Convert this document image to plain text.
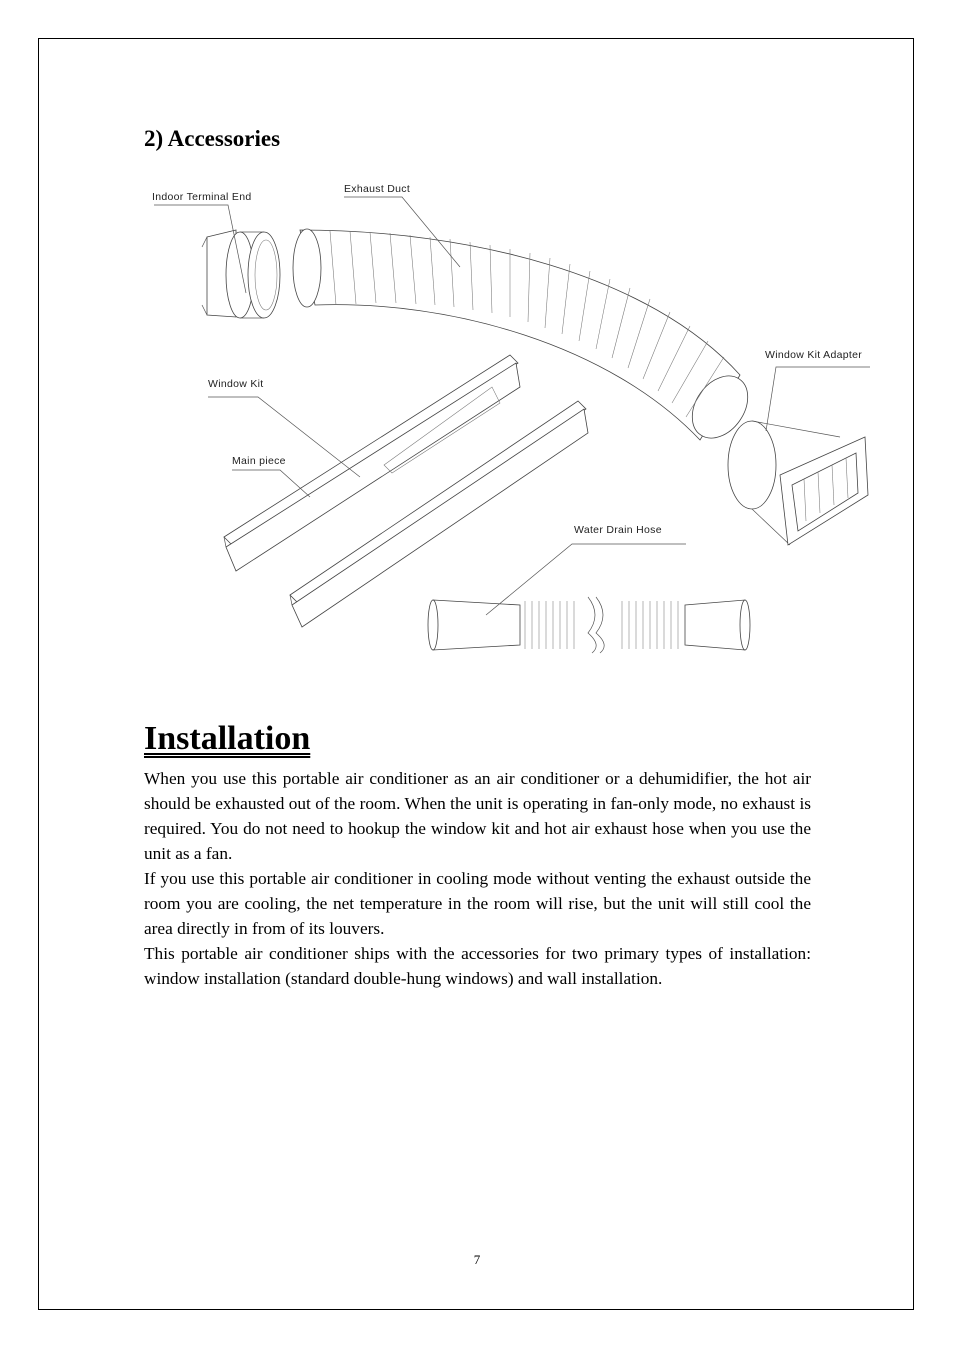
2) Accessories
Indoor Terminal End
Exhaust Duct
Window Kit Adapter
Window Kit
Main piece
Water Drain Hose
Installation

When you use this portable air conditioner as an air conditioner or a dehumidifier, the hot air should be exhausted out of the room. When the unit is operating in fan-only mode, no exhaust is required. You do not need to hookup the window kit and hot air exhaust hose when you use the unit as a fan.

If you use this portable air conditioner in cooling mode without venting the exhaust outside the room you are cooling, the net temperature in the room will rise, but the unit will still cool the area directly in from of its louvers.

This portable air conditioner ships with the accessories for two primary types of installation: window installation (standard double-hung windows) and wall installation.

7
